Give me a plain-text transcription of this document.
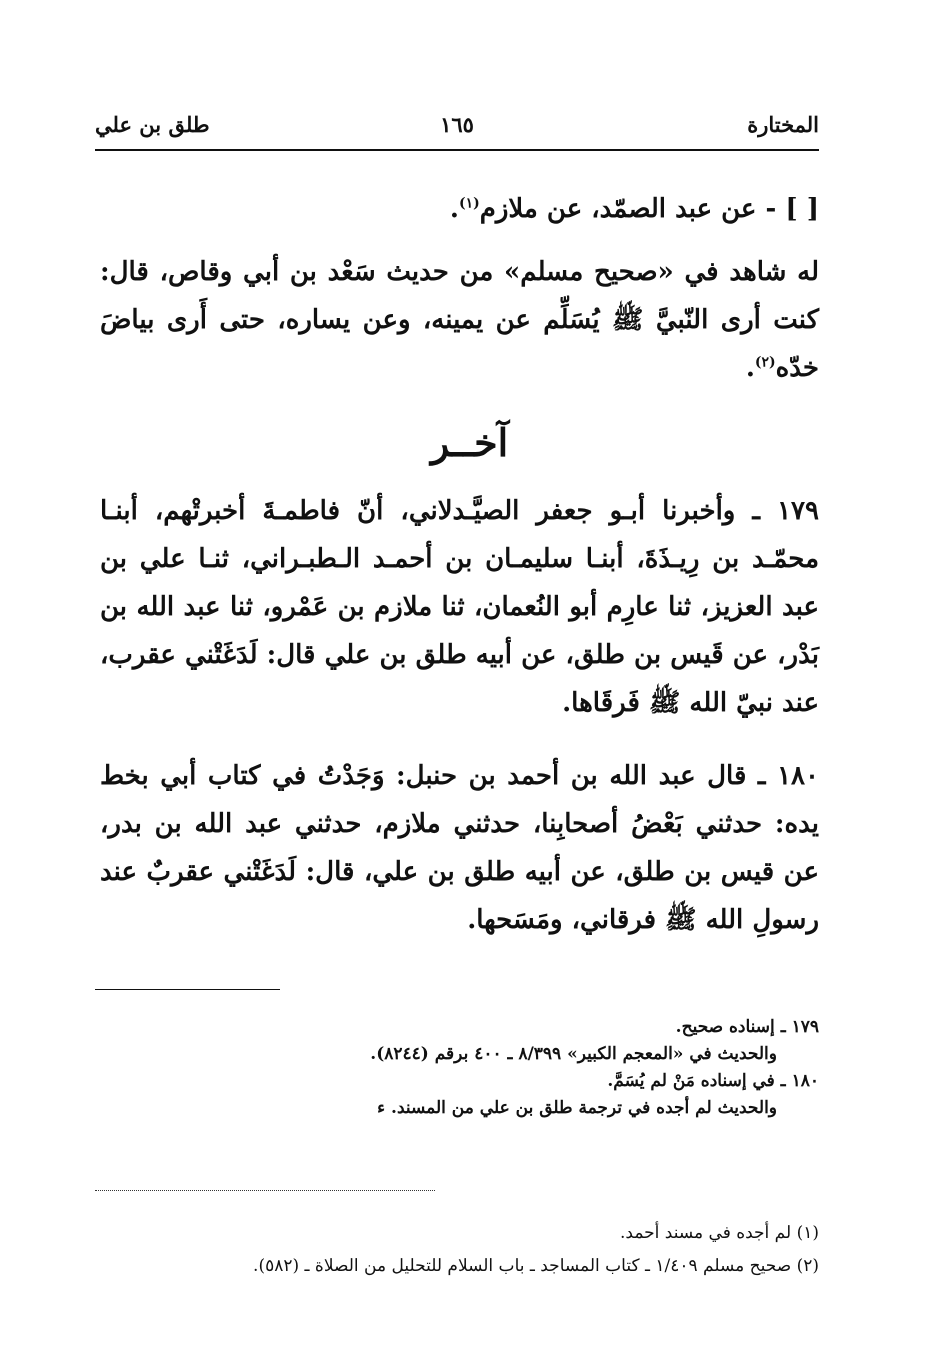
المختارة
١٦٥
طلق بن علي
[ ] - عن عبد الصمّد، عن ملازم$^{(١)}$.
له شاهد في «صحيح مسلم» من حديث سَعْد بن أبي وقاص، قال: كنت أرى النّبيَّ ﷺ يُسَلِّم عن يمينه، وعن يساره، حتى أَرى بياضَ خدّه$^{(٢)}$.
آخــر
١٧٩ ـ وأخبرنا أبـو جعفر الصيَّـدلاني، أنّ فاطمـةَ أخبرتْهم، أبنـا محمّـد بن رِيـذَةَ، أبنـا سليمـان بن أحمـد الـطبـراني، ثنـا علي بن عبد العزيز، ثنا عارِم أبو النُعمان، ثنا ملازم بن عَمْرو، ثنا عبد الله بن بَدْر، عن قَيس بن طلق، عن أبيه طلق بن علي قال: لَدَغَتْني عقرب، عند نبيّ الله ﷺ فَرقَاها.
١٨٠ ـ قال عبد الله بن أحمد بن حنبل: وَجَدْتُ في كتاب أبي بخط يده: حدثني بَعْضُ أصحابِنا، حدثني ملازم، حدثني عبد الله بن بدر، عن قيس بن طلق، عن أبيه طلق بن علي، قال: لَدَغَتْني عقربٌ عند رسولِ الله ﷺ فرقاني، ومَسَحها.
١٧٩ ـ إسناده صحيح.
والحديث في «المعجم الكبير» ٨/٣٩٩ ـ ٤٠٠ برقم (٨٢٤٤).
١٨٠ ـ في إسناده مَنْ لم يُسَمَّ.
والحديث لم أجده في ترجمة طلق بن علي من المسند. ء
(١) لم أجده في مسند أحمد.
(٢) صحيح مسلم ١/٤٠٩ ـ كتاب المساجد ـ باب السلام للتحليل من الصلاة ـ (٥٨٢).
